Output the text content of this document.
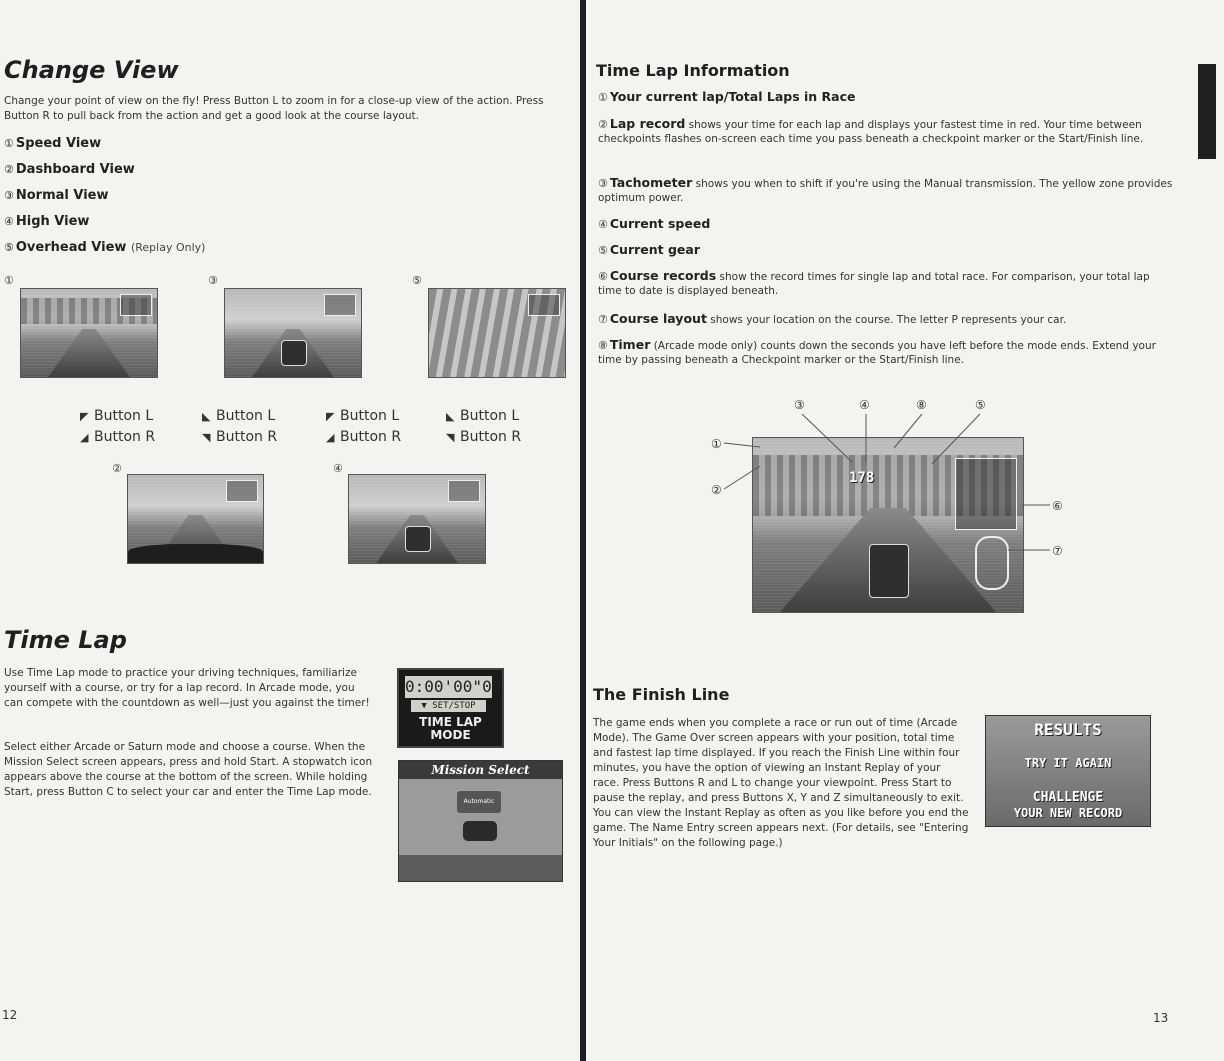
Change View

Change your point of view on the fly! Press Button L to zoom in for a close-up view of the action. Press Button R to pull back from the action and get a good look at the course layout.

① Speed View
② Dashboard View
③ Normal View
④ High View
⑤ Overhead View (Replay Only)
①	③	⑤
◤ Button L
◢ Button R
◣ Button L
◥ Button R
◤ Button L
◢ Button R
◣ Button L
◥ Button R
②	④
Time Lap

Use Time Lap mode to practice your driving techniques, familiarize yourself with a course, or try for a lap record. In Arcade mode, you can compete with the countdown as well—just you against the timer!

Select either Arcade or Saturn mode and choose a course. When the Mission Select screen appears, press and hold Start. A stopwatch icon appears above the course at the bottom of the screen. While holding Start, press Button C to select your car and enter the Time Lap mode.

0:00'00"00
▼ SET/STOP
TIME LAP
MODE
Mission Select
Automatic
12
Time Lap Information
① Your current lap/Total Laps in Race
② Lap record shows your time for each lap and displays your fastest time in red. Your time between checkpoints flashes on-screen each time you pass beneath a checkpoint marker or the Start/Finish line.
③ Tachometer shows you when to shift if you're using the Manual transmission. The yellow zone provides optimum power.
④ Current speed
⑤ Current gear
⑥ Course records show the record times for single lap and total race. For comparison, your total lap time to date is displayed beneath.
⑦ Course layout shows your location on the course. The letter P represents your car.
⑧ Timer (Arcade mode only) counts down the seconds you have left before the mode ends. Extend your time by passing beneath a Checkpoint marker or the Start/Finish line.
178
③	④	⑧	⑤
①
②
⑥
⑦
The Finish Line

The game ends when you complete a race or run out of time (Arcade Mode). The Game Over screen appears with your position, total time and fastest lap time displayed. If you reach the Finish Line within four minutes, you have the option of viewing an Instant Replay of your race. Press Buttons R and L to change your viewpoint. Press Start to pause the replay, and press Buttons X, Y and Z simultaneously to exit. You can view the Instant Replay as often as you like before you end the game. The Name Entry screen appears next. (For details, see "Entering Your Initials" on the following page.)

RESULTS
TRY IT AGAIN
CHALLENGE
YOUR NEW RECORD
13
